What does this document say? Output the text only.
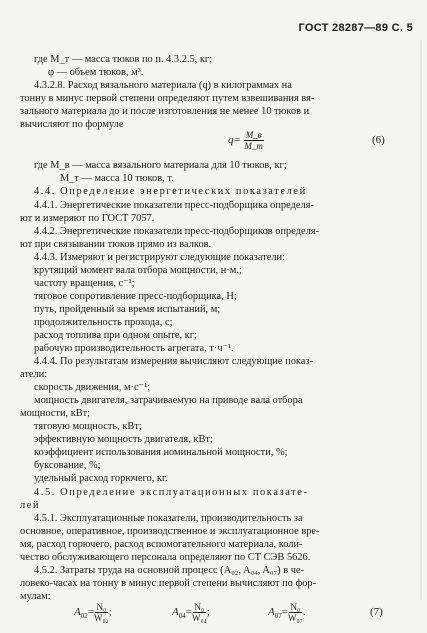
ГОСТ 28287—89 С. 5
где M_т — масса тюков по п. 4.3.2.5, кг;
φ — объем тюков, м³.
4.3.2.8. Расход вязального материала (q) в килограммах на
тонну в минус первой степени определяют путем взвешивания вя-
зального материала до и после изготовления не менее 10 тюков и
вычисляют по формуле
$q= \frac{M\_в}{M\_т}$	(6)
где M_в — масса вязального материала для 10 тюков, кг;
M_т — масса 10 тюков, т.
4.4. Определение энергетических показателей
4.4.1. Энергетические показатели пресс-подборщика определя-
ют и измеряют по ГОСТ 7057.
4.4.2. Энергетические показатели пресс-подборщиков определя-
ют при связывании тюков прямо из валков.
4.4.3. Измеряют и регистрируют следующие показатели:
крутящий момент вала отбора мощности, н·м.;
частоту вращения, с⁻¹;
тяговое сопротивление пресс-подборщика, Н;
путь, пройденный за время испытаний, м;
продолжительность прохода, с;
расход топлива при одном опыте, кг;
рабочую производительность агрегата, т·ч⁻¹.
4.4.4. По результатам измерения вычисляют следующие показ-
атели:
скорость движения, м·с⁻¹;
мощность двигателя, затрачиваемую на приводе вала отбора
мощности, кВт;
тяговую мощность, кВт;
эффективную мощность двигателя, кВт;
коэффициент использования номинальной мощности, %;
буксование, %;
удельный расход горючего, кг.
4.5. Определение эксплуатационных показате-
лей
4.5.1. Эксплуатационные показатели, производительность за
основное, оперативное, производственное и эксплуатационное вре-
мя, расход горючего, расход вспомогательного материала, коли-
чество обслуживающего персонала определяют по СТ СЭВ 5626.
4.5.2. Затраты труда на основной процесс (A₀₂, A₀₄, A₀₇) в че-
ловеко-часах на тонну в минус первой степени вычисляют по фор-
мулам:
$A_{02}= \frac{\text{N₀}}{\text{W₀₂}}$ ;	$A_{04}= \frac{\text{N₀}}{\text{W₀₄}}$ ;	$A_{07}= \frac{\text{N₀}}{\text{W₀₇}}$ .	(7)
